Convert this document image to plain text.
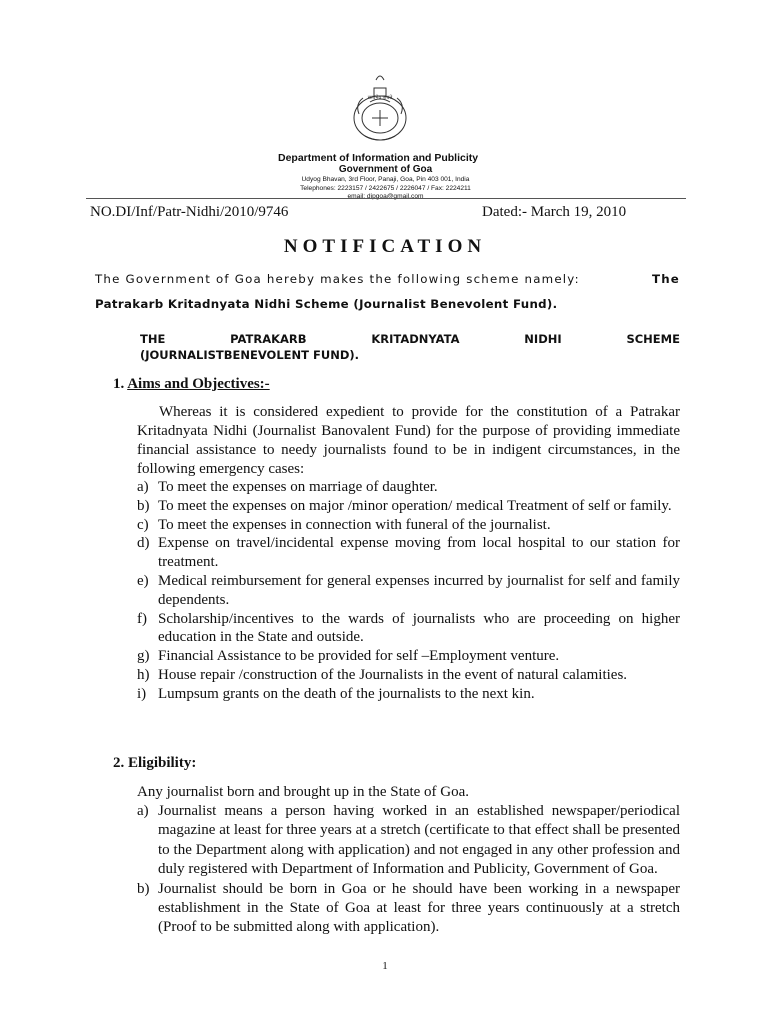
सत्यमेव जयते
Department of Information and Publicity
Government of Goa
Udyog Bhavan, 3rd Floor, Panaji, Goa, Pin 403 001, India
Telephones: 2223157 / 2422675 / 2226047 / Fax: 2224211
email: dipgoa@gmail.com
NO.DI/Inf/Patr-Nidhi/2010/9746	Dated:- March 19, 2010
NOTIFICATION
The Government of Goa hereby makes the following scheme namely:	The
Patrakarb Kritadnyata Nidhi Scheme (Journalist Benevolent Fund).
THE	PATRAKARB	KRITADNYATA	NIDHI	SCHEME
(JOURNALISTBENEVOLENT FUND).
1. Aims and Objectives:-
Whereas it is considered expedient to provide for the constitution of a Patrakar Kritadnyata Nidhi (Journalist Banovalent Fund) for the purpose of providing immediate financial assistance to needy journalists found to be in indigent circumstances, in the following emergency cases:
a) To meet the expenses on marriage of daughter.
b) To meet the expenses on major /minor operation/ medical Treatment of self or family.
c) To meet the expenses in connection with funeral of the journalist.
d) Expense on travel/incidental expense moving from local hospital to our station for treatment.
e) Medical reimbursement for general expenses incurred by journalist for self and family dependents.
f) Scholarship/incentives to the wards of journalists who are proceeding on higher education in the State and outside.
g) Financial Assistance to be provided for self –Employment venture.
h) House repair /construction of the Journalists in the event of natural calamities.
i) Lumpsum grants on the death of the journalists to the next kin.
2. Eligibility:
Any journalist born and brought up in the State of Goa.
a) Journalist means a person having worked in an established newspaper/periodical magazine at least for three years at a stretch (certificate to that effect shall be presented to the Department along with application) and not engaged in any other profession and duly registered with Department of Information and Publicity, Government of Goa.
b) Journalist should be born in Goa or he should have been working in a newspaper establishment in the State of Goa at least for three years continuously at a stretch (Proof to be submitted along with application).
1
